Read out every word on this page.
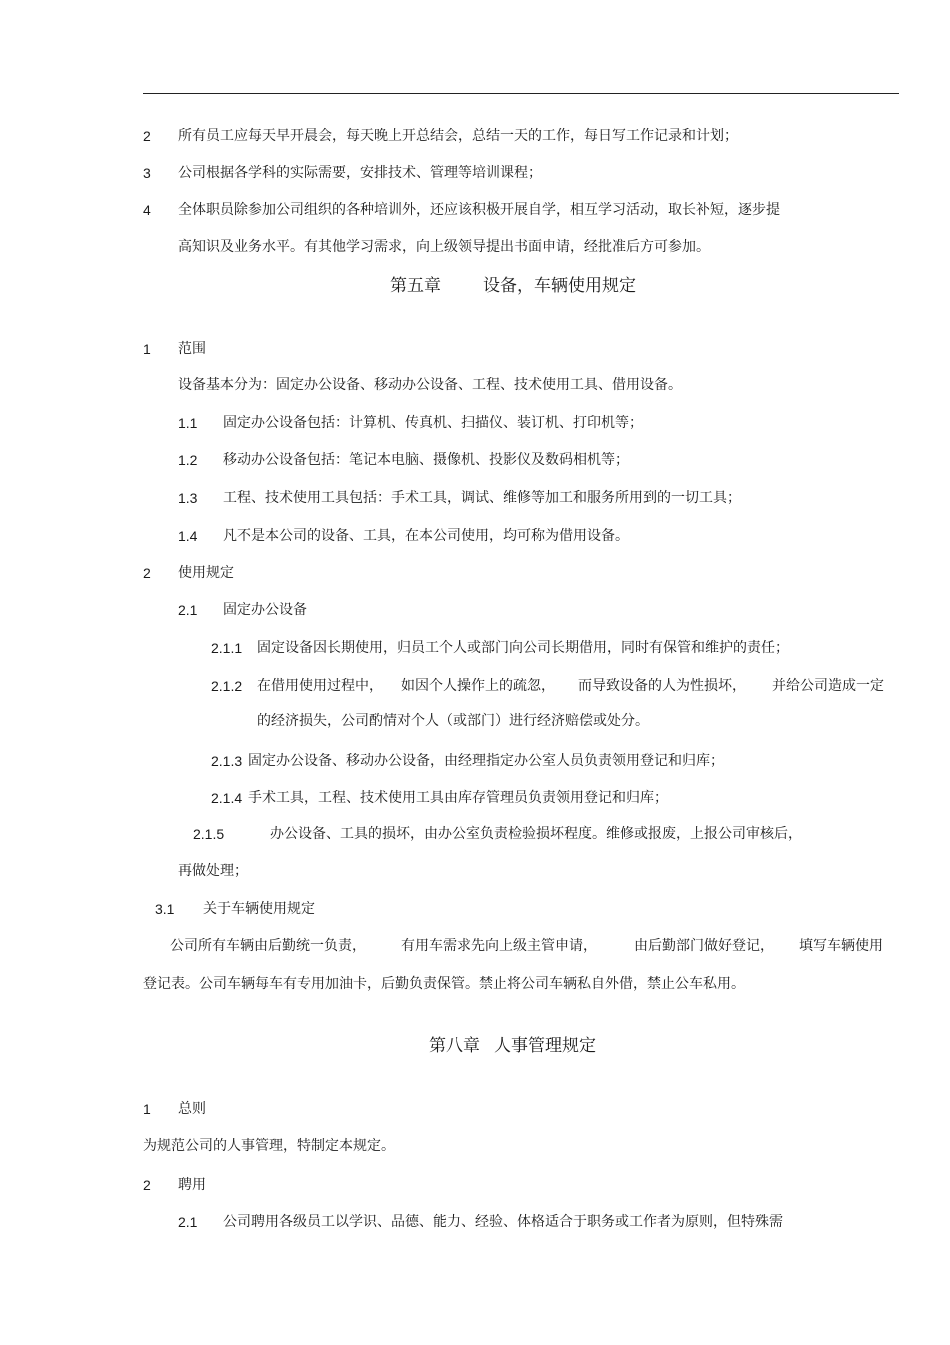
2 所有员工应每天早开晨会，每天晚上开总结会，总结一天的工作，每日写工作记录和计划；
3 公司根据各学科的实际需要，安排技术、管理等培训课程；
4 全体职员除参加公司组织的各种培训外，还应该积极开展自学，相互学习活动，取长补短，逐步提
高知识及业务水平。有其他学习需求，向上级领导提出书面申请，经批准后方可参加。
第五章 设备，车辆使用规定
1 范围
设备基本分为：固定办公设备、移动办公设备、工程、技术使用工具、借用设备。
1.1 固定办公设备包括：计算机、传真机、扫描仪、装订机、打印机等；
1.2 移动办公设备包括：笔记本电脑、摄像机、投影仪及数码相机等；
1.3 工程、技术使用工具包括：手术工具，调试、维修等加工和服务所用到的一切工具；
1.4 凡不是本公司的设备、工具，在本公司使用，均可称为借用设备。
2 使用规定
2.1 固定办公设备
2.1.1 固定设备因长期使用，归员工个人或部门向公司长期借用，同时有保管和维护的责任；
2.1.2 在借用使用过程中， 如因个人操作上的疏忽， 而导致设备的人为性损坏， 并给公司造成一定
的经济损失，公司酌情对个人（或部门）进行经济赔偿或处分。
2.1.3 固定办公设备、移动办公设备，由经理指定办公室人员负责领用登记和归库；
2.1.4 手术工具，工程、技术使用工具由库存管理员负责领用登记和归库；
2.1.5	办公设备、工具的损坏，由办公室负责检验损坏程度。维修或报废，上报公司审核后，
再做处理；
3.1 关于车辆使用规定
公司所有车辆由后勤统一负责，	有用车需求先向上级主管申请，	由后勤部门做好登记， 填写车辆使用
登记表。公司车辆每车有专用加油卡，后勤负责保管。禁止将公司车辆私自外借，禁止公车私用。
第八章 人事管理规定
1 总则
为规范公司的人事管理，特制定本规定。
2 聘用
2.1 公司聘用各级员工以学识、品德、能力、经验、体格适合于职务或工作者为原则，但特殊需
